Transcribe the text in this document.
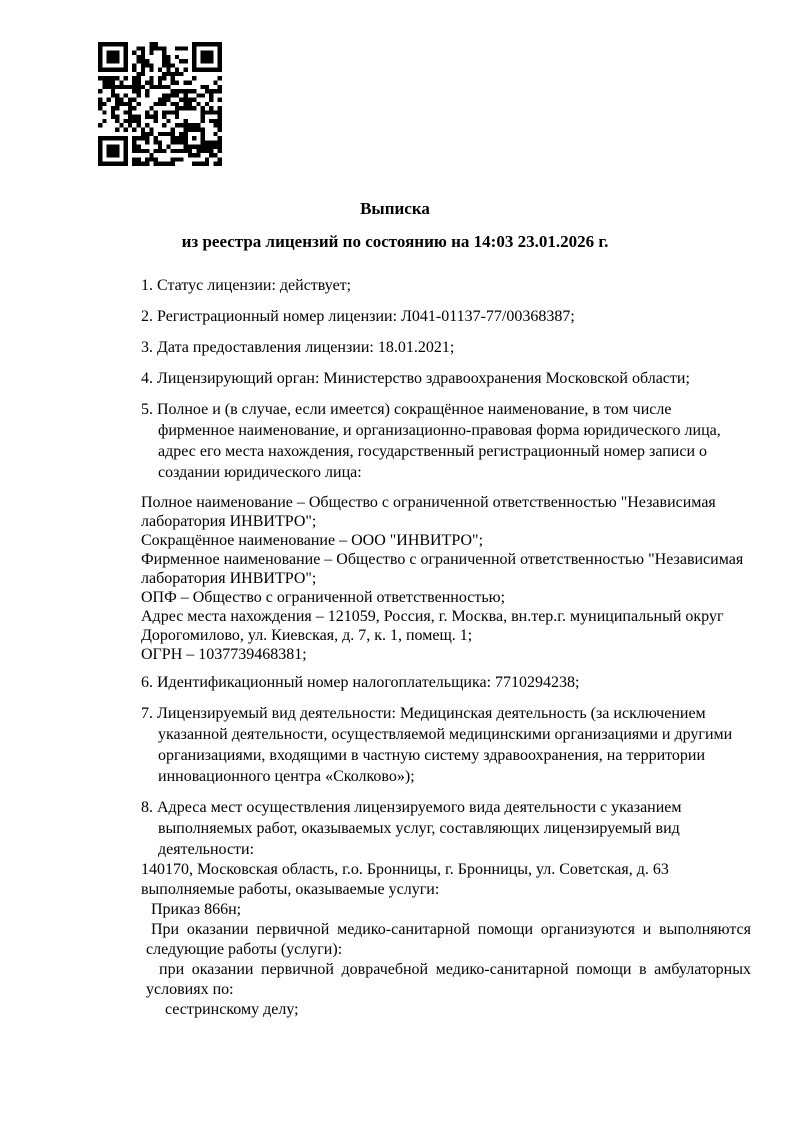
Выписка
из реестра лицензий по состоянию на 14:03 23.01.2026 г.

1. Статус лицензии: действует;

2. Регистрационный номер лицензии: Л041-01137-77/00368387;

3. Дата предоставления лицензии: 18.01.2021;

4. Лицензирующий орган: Министерство здравоохранения Московской области;

5. Полное и (в случае, если имеется) сокращённое наименование, в том числе фирменное наименование, и организационно-правовая форма юридического лица, адрес его места нахождения, государственный регистрационный номер записи о создании юридического лица:

Полное наименование – Общество с ограниченной ответственностью "Независимая лаборатория ИНВИТРО";
Сокращённое наименование – ООО "ИНВИТРО";
Фирменное наименование – Общество с ограниченной ответственностью "Независимая лаборатория ИНВИТРО";
ОПФ – Общество с ограниченной ответственностью;
Адрес места нахождения – 121059, Россия, г. Москва, вн.тер.г. муниципальный округ Дорогомилово, ул. Киевская, д. 7, к. 1, помещ. 1;
ОГРН – 1037739468381;

6. Идентификационный номер налогоплательщика: 7710294238;

7. Лицензируемый вид деятельности: Медицинская деятельность (за исключением указанной деятельности, осуществляемой медицинскими организациями и другими организациями, входящими в частную систему здравоохранения, на территории инновационного центра «Сколково»);

8. Адреса мест осуществления лицензируемого вида деятельности с указанием выполняемых работ, оказываемых услуг, составляющих лицензируемый вид деятельности:

140170, Московская область, г.о. Бронницы, г. Бронницы, ул. Советская, д. 63
выполняемые работы, оказываемые услуги:
Приказ 866н;
При оказании первичной медико-санитарной помощи организуются и выполняются следующие работы (услуги):
при оказании первичной доврачебной медико-санитарной помощи в амбулаторных условиях по:
сестринскому делу;
